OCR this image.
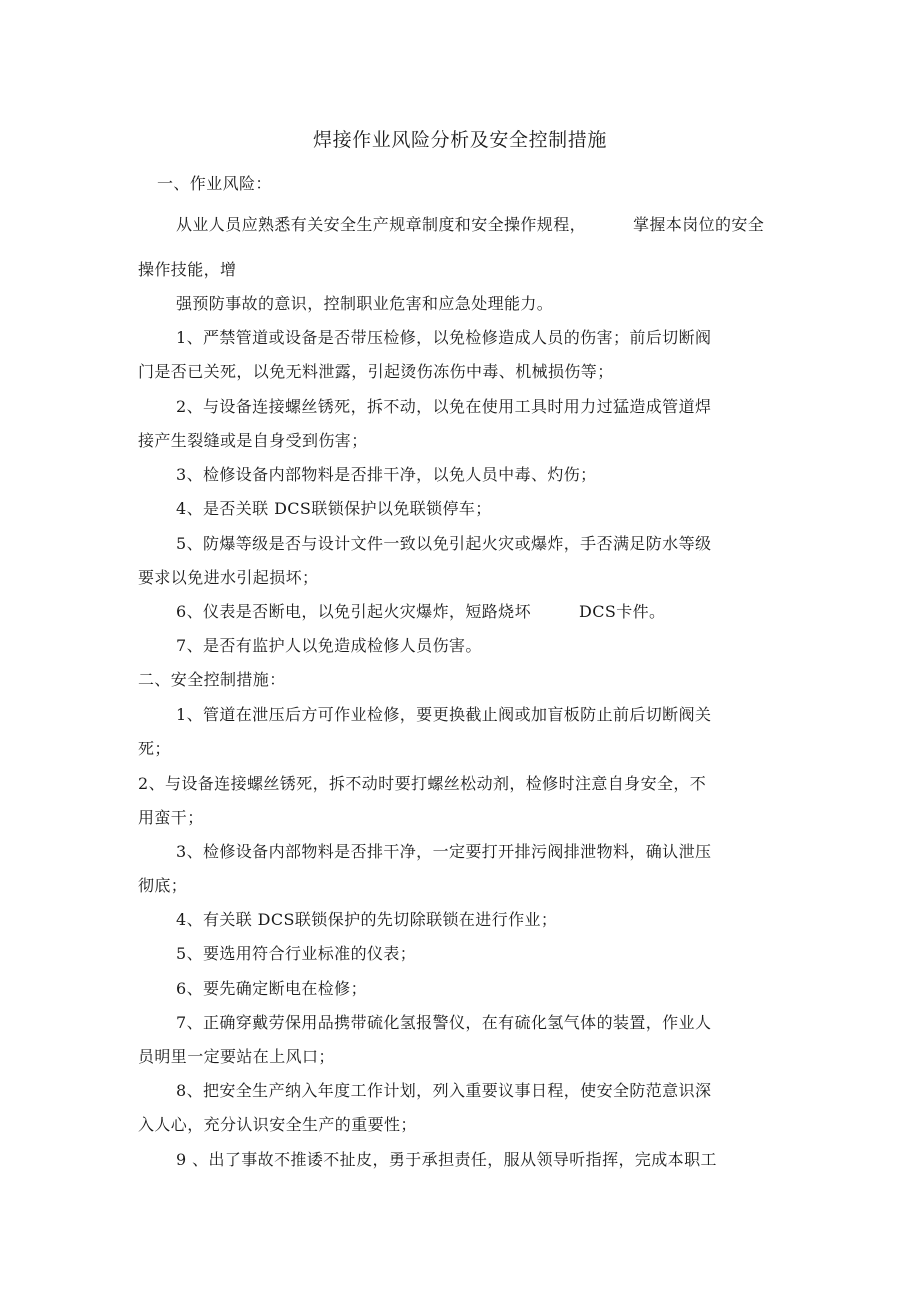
焊接作业风险分析及安全控制措施
一、作业风险：
从业人员应熟悉有关安全生产规章制度和安全操作规程，	掌握本岗位的安全
操作技能，增
强预防事故的意识，控制职业危害和应急处理能力。
1、严禁管道或设备是否带压检修，以免检修造成人员的伤害；前后切断阀
门是否已关死，以免无料泄露，引起烫伤冻伤中毒、机械损伤等；
2、与设备连接螺丝锈死，拆不动，以免在使用工具时用力过猛造成管道焊
接产生裂缝或是自身受到伤害；
3、检修设备内部物料是否排干净，以免人员中毒、灼伤；
4、是否关联 DCS联锁保护以免联锁停车；
5、防爆等级是否与设计文件一致以免引起火灾或爆炸，手否满足防水等级
要求以免进水引起损坏；
6、仪表是否断电，以免引起火灾爆炸，短路烧坏	DCS卡件。
7、是否有监护人以免造成检修人员伤害。
二、安全控制措施：
1、管道在泄压后方可作业检修，要更换截止阀或加盲板防止前后切断阀关
死；
2、与设备连接螺丝锈死，拆不动时要打螺丝松动剂，检修时注意自身安全，不
用蛮干；
3、检修设备内部物料是否排干净，一定要打开排污阀排泄物料，确认泄压
彻底；
4、有关联 DCS联锁保护的先切除联锁在进行作业；
5、要选用符合行业标准的仪表；
6、要先确定断电在检修；
7、正确穿戴劳保用品携带硫化氢报警仪，在有硫化氢气体的装置，作业人
员明里一定要站在上风口；
8、把安全生产纳入年度工作计划，列入重要议事日程，使安全防范意识深
入人心，充分认识安全生产的重要性；
9 、出了事故不推诿不扯皮，勇于承担责任，服从领导听指挥，完成本职工
